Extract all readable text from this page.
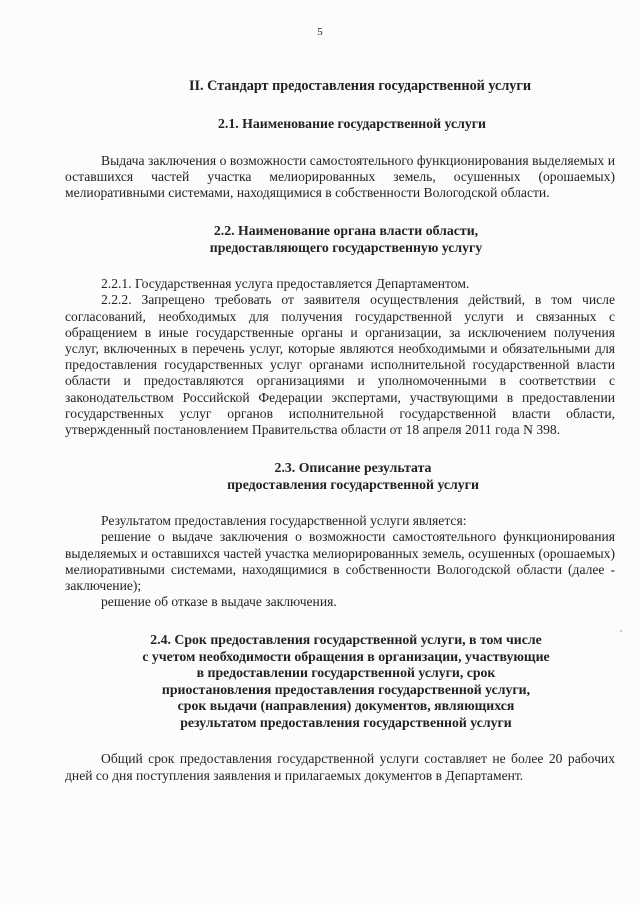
5
II. Стандарт предоставления государственной услуги
2.1. Наименование государственной услуги

Выдача заключения о возможности самостоятельного функционирования выделяемых и оставшихся частей участка мелиорированных земель, осушенных (орошаемых) мелиоративными системами, находящимися в собственности Вологодской области.

2.2. Наименование органа власти области,
предоставляющего государственную услугу

2.2.1. Государственная услуга предоставляется Департаментом.

2.2.2. Запрещено требовать от заявителя осуществления действий, в том числе согласований, необходимых для получения государственной услуги и связанных с обращением в иные государственные органы и организации, за исключением получения услуг, включенных в перечень услуг, которые являются необходимыми и обязательными для предоставления государственных услуг органами исполнительной государственной власти области и предоставляются организациями и уполномоченными в соответствии с законодательством Российской Федерации экспертами, участвующими в предоставлении государственных услуг органов исполнительной государственной власти области, утвержденный постановлением Правительства области от 18 апреля 2011 года N 398.

2.3. Описание результата
предоставления государственной услуги

Результатом предоставления государственной услуги является:

решение о выдаче заключения о возможности самостоятельного функционирования выделяемых и оставшихся частей участка мелиорированных земель, осушенных (орошаемых) мелиоративными системами, находящимися в собственности Вологодской области (далее - заключение);

решение об отказе в выдаче заключения.

2.4. Срок предоставления государственной услуги, в том числе
с учетом необходимости обращения в организации, участвующие
в предоставлении государственной услуги, срок
приостановления предоставления государственной услуги,
срок выдачи (направления) документов, являющихся
результатом предоставления государственной услуги

Общий срок предоставления государственной услуги составляет не более 20 рабочих дней со дня поступления заявления и прилагаемых документов в Департамент.
